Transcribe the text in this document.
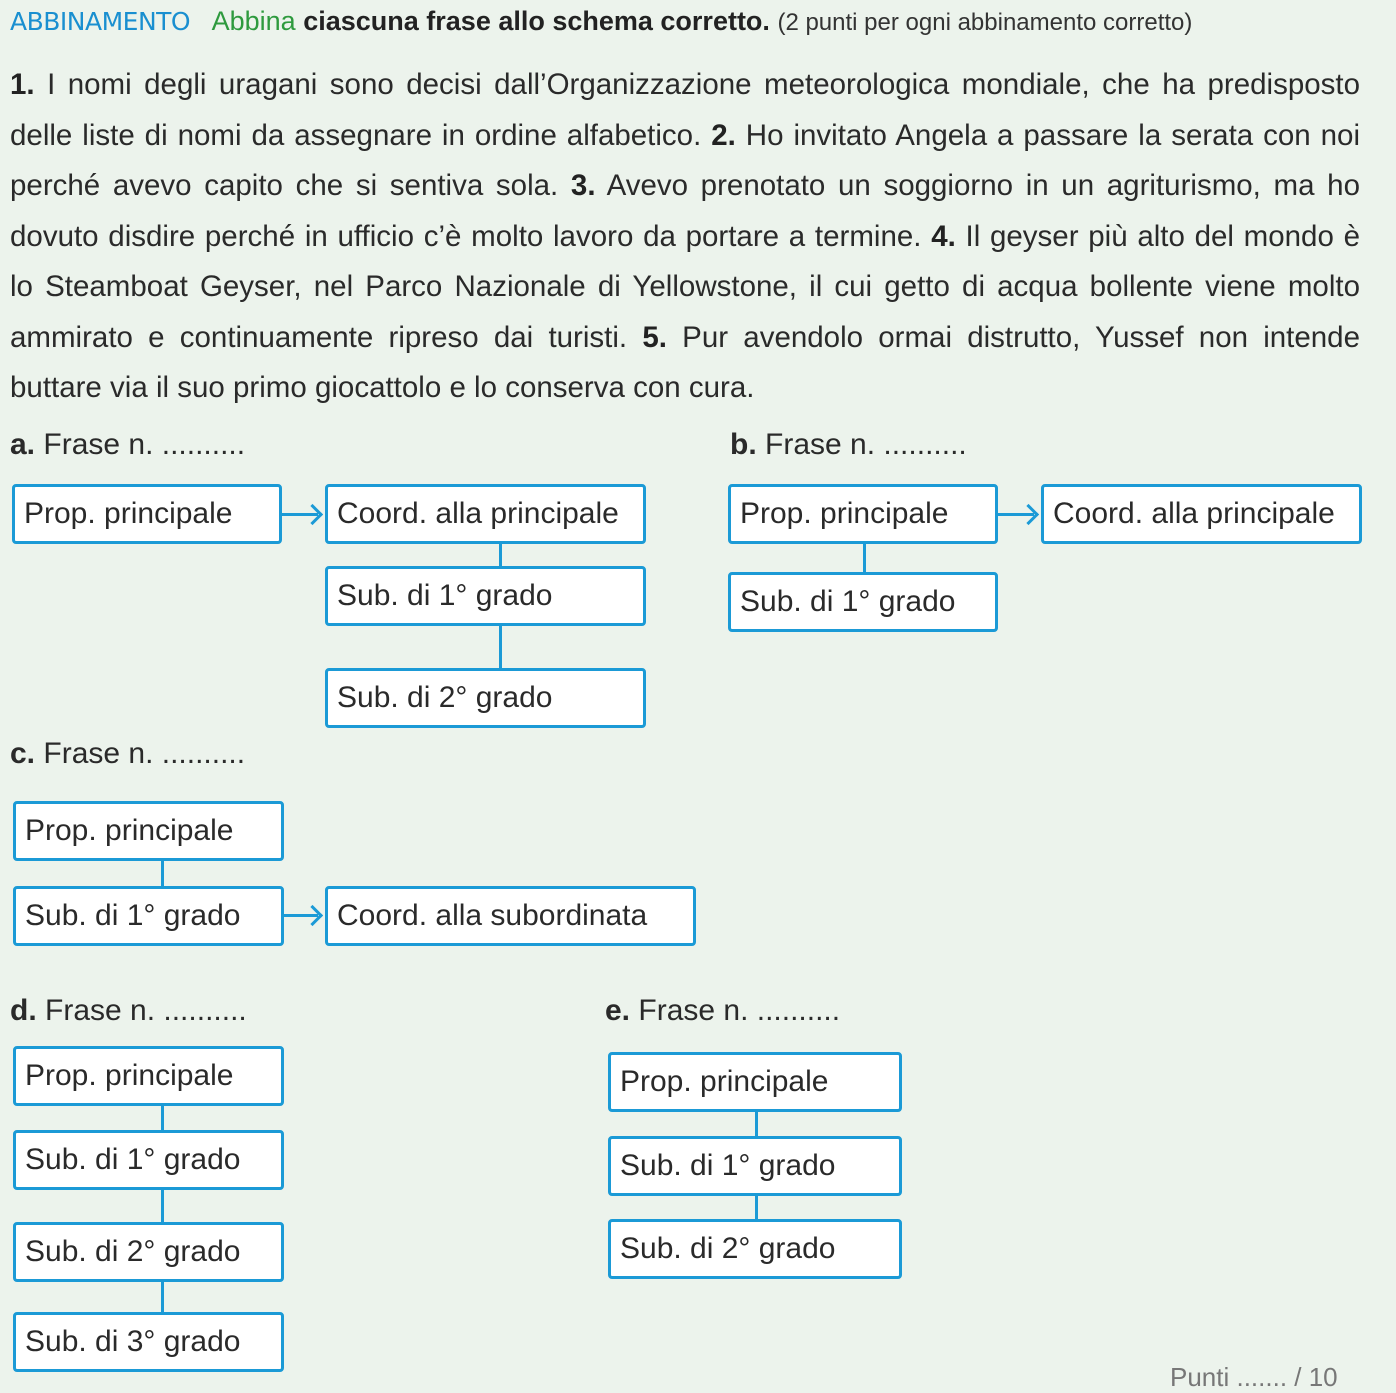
ABBINAMENTO Abbina ciascuna frase allo schema corretto. (2 punti per ogni abbinamento corretto)
1. I nomi degli uragani sono decisi dall’Organizzazione meteorologica mondiale, che ha predisposto delle liste di nomi da assegnare in ordine alfabetico. 2. Ho invitato Angela a passare la serata con noi perché avevo capito che si sentiva sola. 3. Avevo prenotato un soggiorno in un agriturismo, ma ho dovuto disdire perché in ufficio c’è molto lavoro da portare a termine. 4. Il geyser più alto del mondo è lo Steamboat Geyser, nel Parco Nazionale di Yellowstone, il cui getto di acqua bollente viene molto ammirato e continuamente ripreso dai turisti. 5. Pur avendolo ormai distrutto, Yussef non intende buttare via il suo primo giocattolo e lo conserva con cura.
a. Frase n. ..........
Prop. principale	Coord. alla principale
Sub. di 1° grado
Sub. di 2° grado
b. Frase n. ..........
Prop. principale	Coord. alla principale
Sub. di 1° grado
c. Frase n. ..........
Prop. principale
Sub. di 1° grado	Coord. alla subordinata
d. Frase n. ..........
Prop. principale
Sub. di 1° grado
Sub. di 2° grado
Sub. di 3° grado
e. Frase n. ..........
Prop. principale
Sub. di 1° grado
Sub. di 2° grado
Punti ....... / 10
